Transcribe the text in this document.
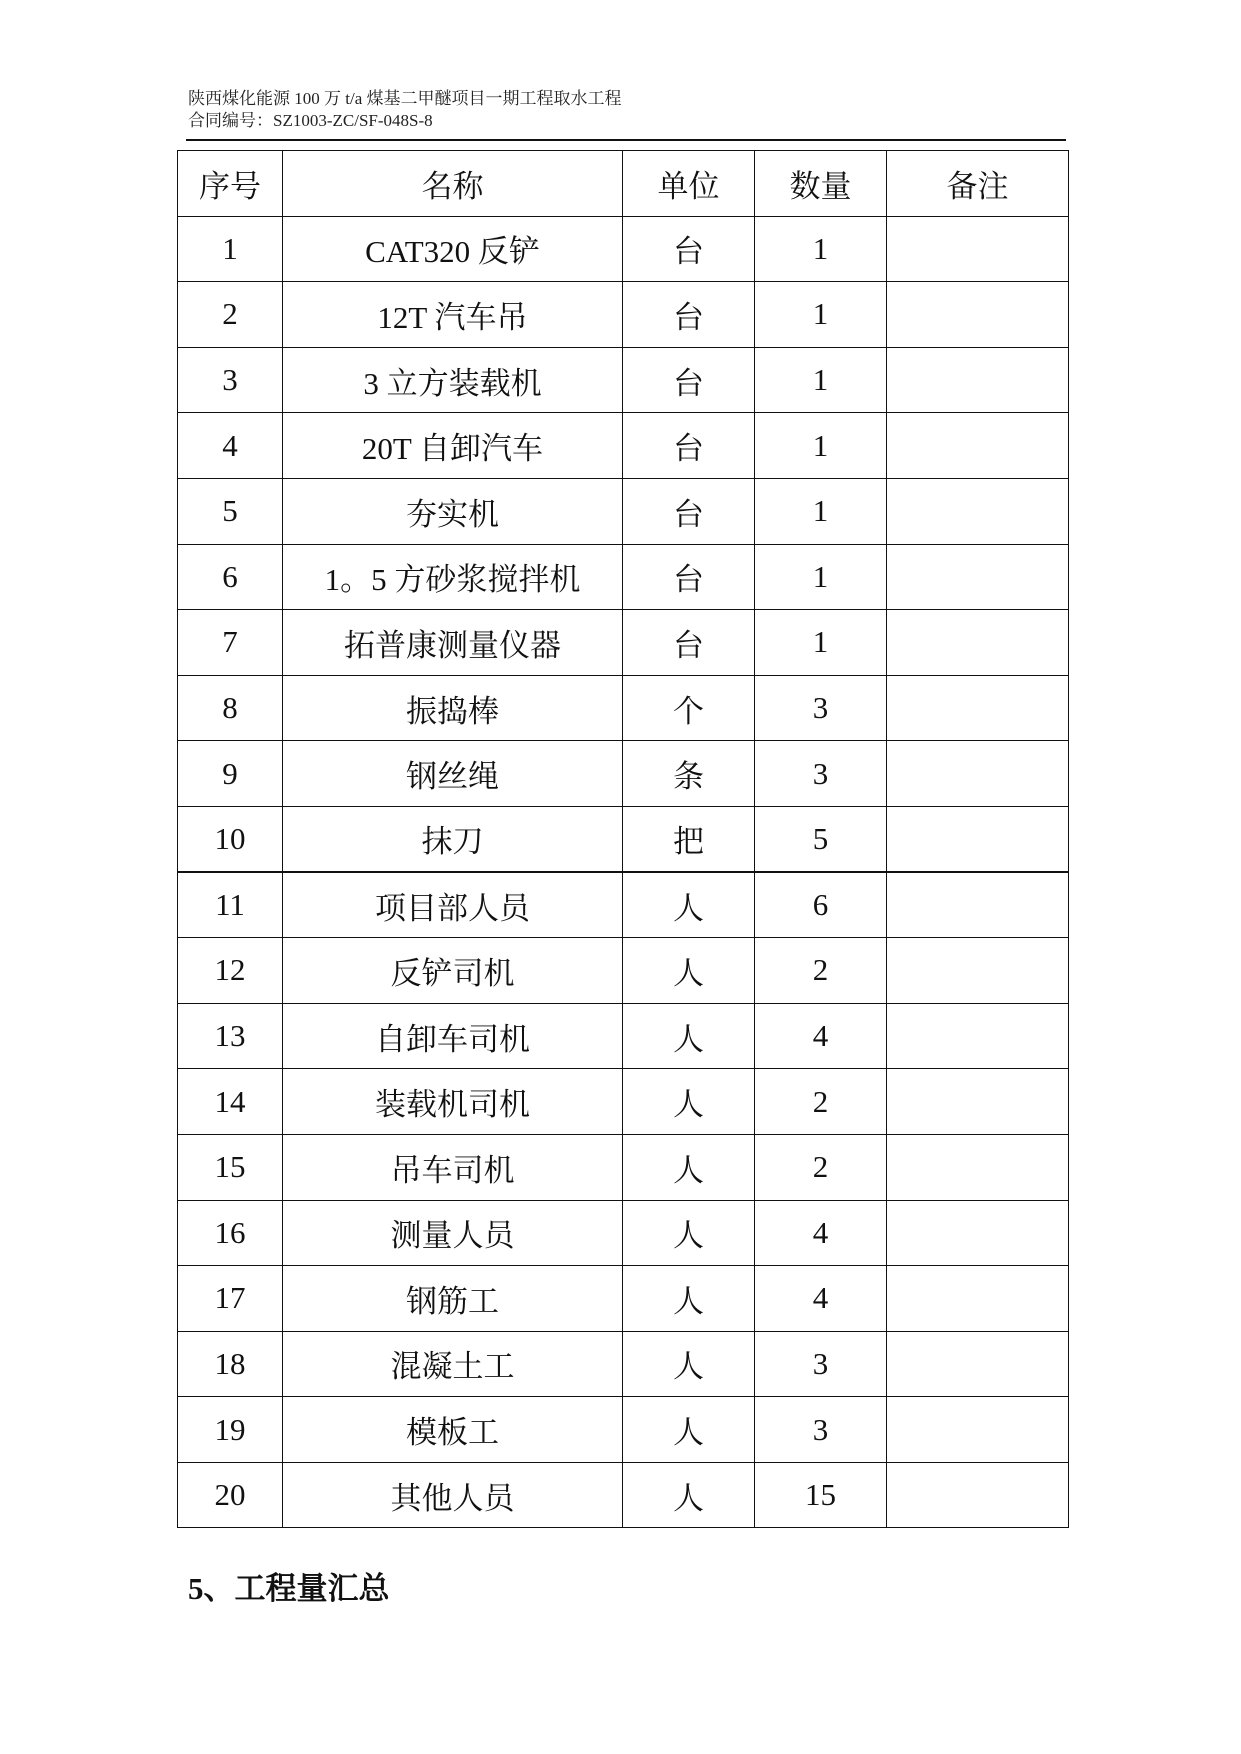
陕西煤化能源 100 万 t/a 煤基二甲醚项目一期工程取水工程
合同编号：SZ1003-ZC/SF-048S-8
序号	名称	单位	数量	备注
1	CAT320 反铲	台	1	
2	12T 汽车吊	台	1	
3	3 立方装载机	台	1	
4	20T 自卸汽车	台	1	
5	夯实机	台	1	
6	1。5 方砂浆搅拌机	台	1	
7	拓普康测量仪器	台	1	
8	振捣棒	个	3	
9	钢丝绳	条	3	
10	抹刀	把	5	
11	项目部人员	人	6	
12	反铲司机	人	2	
13	自卸车司机	人	4	
14	装载机司机	人	2	
15	吊车司机	人	2	
16	测量人员	人	4	
17	钢筋工	人	4	
18	混凝土工	人	3	
19	模板工	人	3	
20	其他人员	人	15	
5、工程量汇总
